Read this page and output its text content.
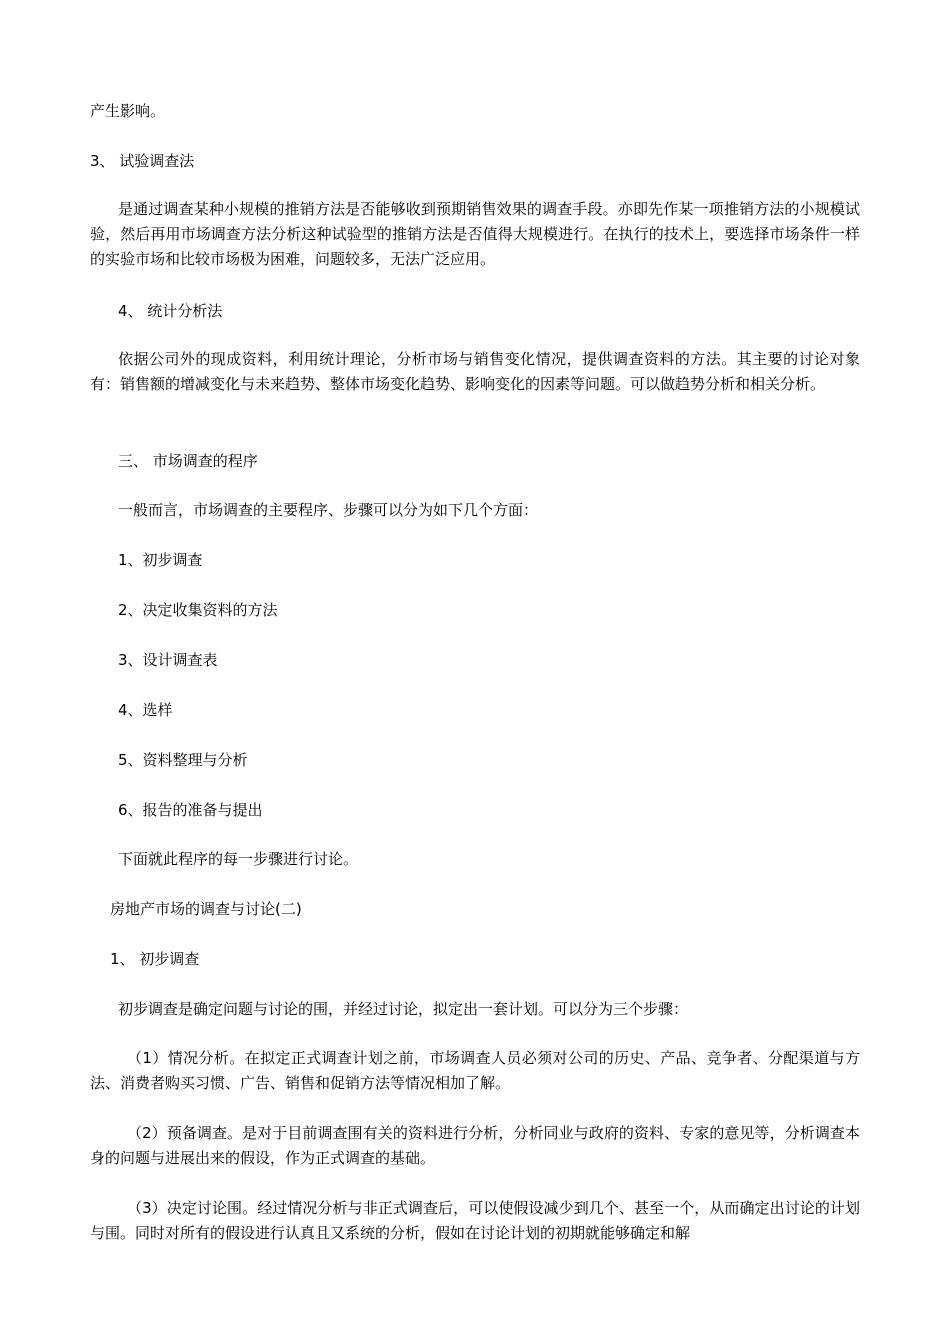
产生影响。
3、 试验调查法
是通过调查某种小规模的推销方法是否能够收到预期销售效果的调查手段。亦即先作某一项推销方法的小规模试验，然后再用市场调查方法分析这种试验型的推销方法是否值得大规模进行。在执行的技术上，要选择市场条件一样的实验市场和比较市场极为困难，问题较多，无法广泛应用。
4、 统计分析法
依据公司外的现成资料，利用统计理论，分析市场与销售变化情况，提供调查资料的方法。其主要的讨论对象有：销售额的增减变化与未来趋势、整体市场变化趋势、影响变化的因素等问题。可以做趋势分析和相关分析。
三、 市场调查的程序
一般而言，市场调查的主要程序、步骤可以分为如下几个方面：
1、初步调查
2、决定收集资料的方法
3、设计调查表
4、选样
5、资料整理与分析
6、报告的准备与提出
下面就此程序的每一步骤进行讨论。
房地产市场的调查与讨论(二)
1、 初步调查
初步调查是确定问题与讨论的围，并经过讨论，拟定出一套计划。可以分为三个步骤：
（1）情况分析。在拟定正式调查计划之前，市场调查人员必须对公司的历史、产品、竞争者、分配渠道与方法、消费者购买习惯、广告、销售和促销方法等情况相加了解。
（2）预备调查。是对于目前调查围有关的资料进行分析，分析同业与政府的资料、专家的意见等，分析调查本身的问题与进展出来的假设，作为正式调查的基础。
（3）决定讨论围。经过情况分析与非正式调查后，可以使假设减少到几个、甚至一个，从而确定出讨论的计划与围。同时对所有的假设进行认真且又系统的分析，假如在讨论计划的初期就能够确定和解
